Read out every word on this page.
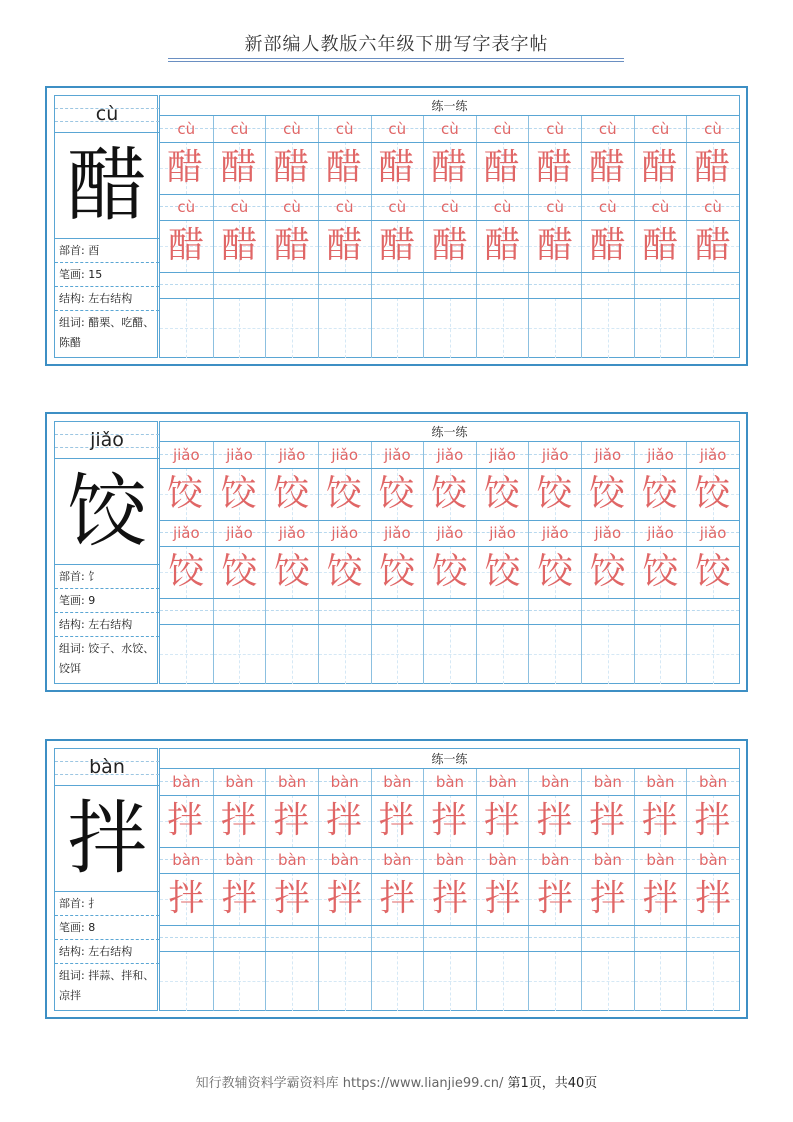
新部编人教版六年级下册写字表字帖
cù
醋
部首: 酉
笔画: 15
结构: 左右结构
组词: 醋栗、吃醋、陈醋
练一练
cù	cù	cù	cù	cù	cù	cù	cù	cù	cù	cù
醋 醋 醋 醋 醋 醋 醋 醋 醋 醋 醋
cù	cù	cù	cù	cù	cù	cù	cù	cù	cù	cù
醋 醋 醋 醋 醋 醋 醋 醋 醋 醋 醋
jiǎo
饺
部首: 饣
笔画: 9
结构: 左右结构
组词: 饺子、水饺、饺饵
练一练
jiǎo	jiǎo	jiǎo	jiǎo	jiǎo	jiǎo	jiǎo	jiǎo	jiǎo	jiǎo	jiǎo
饺 饺 饺 饺 饺 饺 饺 饺 饺 饺 饺
jiǎo	jiǎo	jiǎo	jiǎo	jiǎo	jiǎo	jiǎo	jiǎo	jiǎo	jiǎo	jiǎo
饺 饺 饺 饺 饺 饺 饺 饺 饺 饺 饺
bàn
拌
部首: 扌
笔画: 8
结构: 左右结构
组词: 拌蒜、拌和、凉拌
练一练
bàn	bàn	bàn	bàn	bàn	bàn	bàn	bàn	bàn	bàn	bàn
拌 拌 拌 拌 拌 拌 拌 拌 拌 拌 拌
bàn	bàn	bàn	bàn	bàn	bàn	bàn	bàn	bàn	bàn	bàn
拌 拌 拌 拌 拌 拌 拌 拌 拌 拌 拌
知行教辅资料学霸资料库 https://www.lianjie99.cn/ 第1页，共40页
